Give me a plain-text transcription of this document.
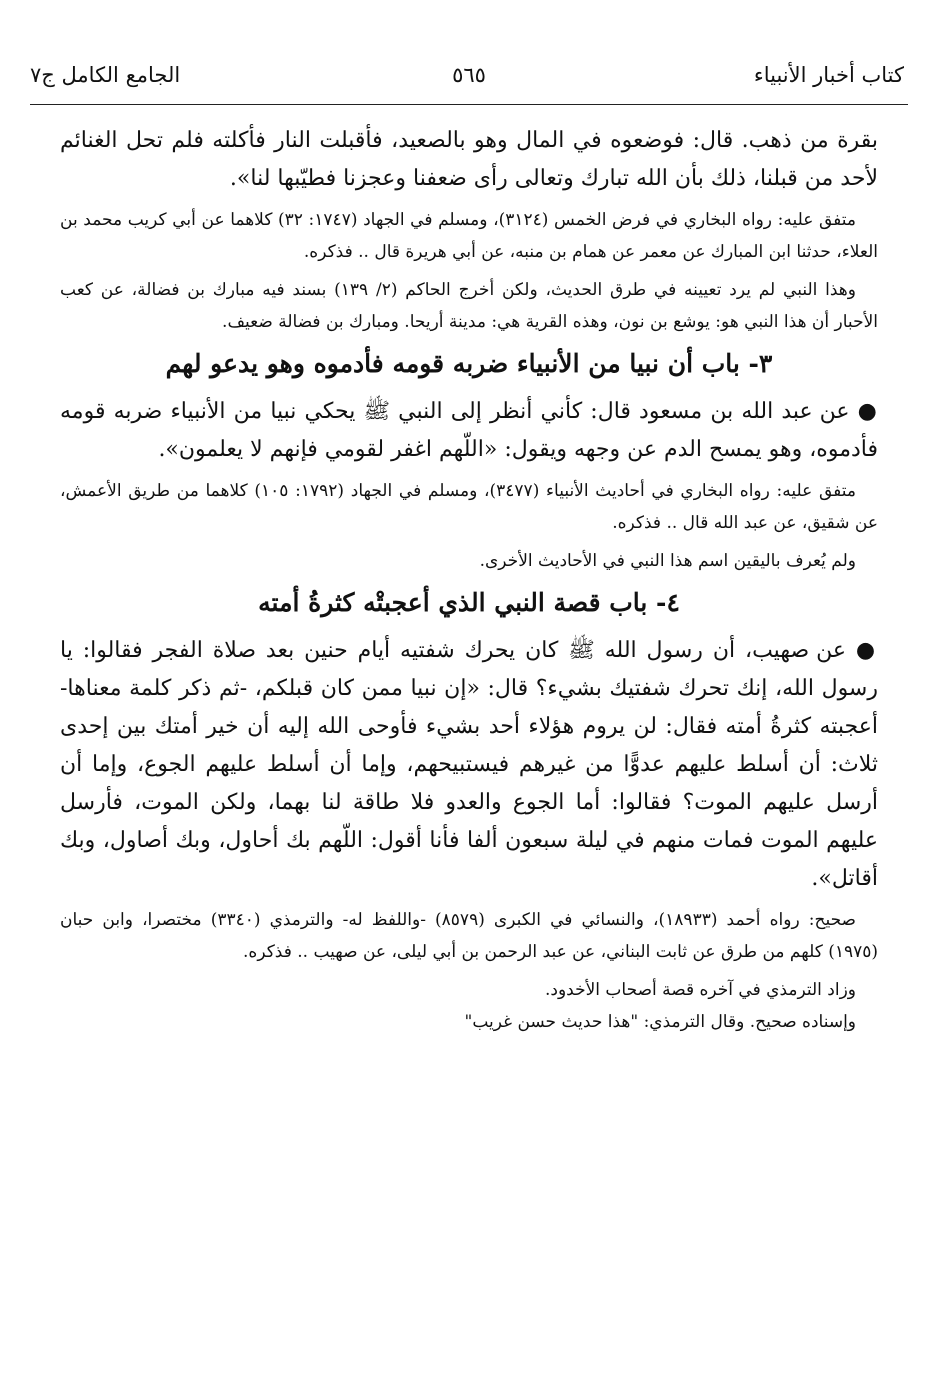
كتاب أخبار الأنبياء
٥٦٥
الجامع الكامل ج٧

بقرة من ذهب. قال: فوضعوه في المال وهو بالصعيد، فأقبلت النار فأكلته فلم تحل الغنائم لأحد من قبلنا، ذلك بأن الله تبارك وتعالى رأى ضعفنا وعجزنا فطيّبها لنا».

متفق عليه: رواه البخاري في فرض الخمس (٣١٢٤)، ومسلم في الجهاد (١٧٤٧: ٣٢) كلاهما عن أبي كريب محمد بن العلاء، حدثنا ابن المبارك عن معمر عن همام بن منبه، عن أبي هريرة قال .. فذكره.

وهذا النبي لم يرد تعيينه في طرق الحديث، ولكن أخرج الحاكم (٢/ ١٣٩) بسند فيه مبارك بن فضالة، عن كعب الأحبار أن هذا النبي هو: يوشع بن نون، وهذه القرية هي: مدينة أريحا. ومبارك بن فضالة ضعيف.

٣- باب أن نبيا من الأنبياء ضربه قومه فأدموه وهو يدعو لهم

● عن عبد الله بن مسعود قال: كأني أنظر إلى النبي ﷺ يحكي نبيا من الأنبياء ضربه قومه فأدموه، وهو يمسح الدم عن وجهه ويقول: «اللّهم اغفر لقومي فإنهم لا يعلمون».

متفق عليه: رواه البخاري في أحاديث الأنبياء (٣٤٧٧)، ومسلم في الجهاد (١٧٩٢: ١٠٥) كلاهما من طريق الأعمش، عن شقيق، عن عبد الله قال .. فذكره.

ولم يُعرف باليقين اسم هذا النبي في الأحاديث الأخرى.

٤- باب قصة النبي الذي أعجبتْه كثرةُ أمته

● عن صهيب، أن رسول الله ﷺ كان يحرك شفتيه أيام حنين بعد صلاة الفجر فقالوا: يا رسول الله، إنك تحرك شفتيك بشيء؟ قال: «إن نبيا ممن كان قبلكم، -ثم ذكر كلمة معناها- أعجبته كثرةُ أمته فقال: لن يروم هؤلاء أحد بشيء فأوحى الله إليه أن خير أمتك بين إحدى ثلاث: أن أسلط عليهم عدوًّا من غيرهم فيستبيحهم، وإما أن أسلط عليهم الجوع، وإما أن أرسل عليهم الموت؟ فقالوا: أما الجوع والعدو فلا طاقة لنا بهما، ولكن الموت، فأرسل عليهم الموت فمات منهم في ليلة سبعون ألفا فأنا أقول: اللّهم بك أحاول، وبك أصاول، وبك أقاتل».

صحيح: رواه أحمد (١٨٩٣٣)، والنسائي في الكبرى (٨٥٧٩) -واللفظ له- والترمذي (٣٣٤٠) مختصرا، وابن حبان (١٩٧٥) كلهم من طرق عن ثابت البناني، عن عبد الرحمن بن أبي ليلى، عن صهيب .. فذكره.

وزاد الترمذي في آخره قصة أصحاب الأخدود.

وإسناده صحيح. وقال الترمذي: "هذا حديث حسن غريب"
